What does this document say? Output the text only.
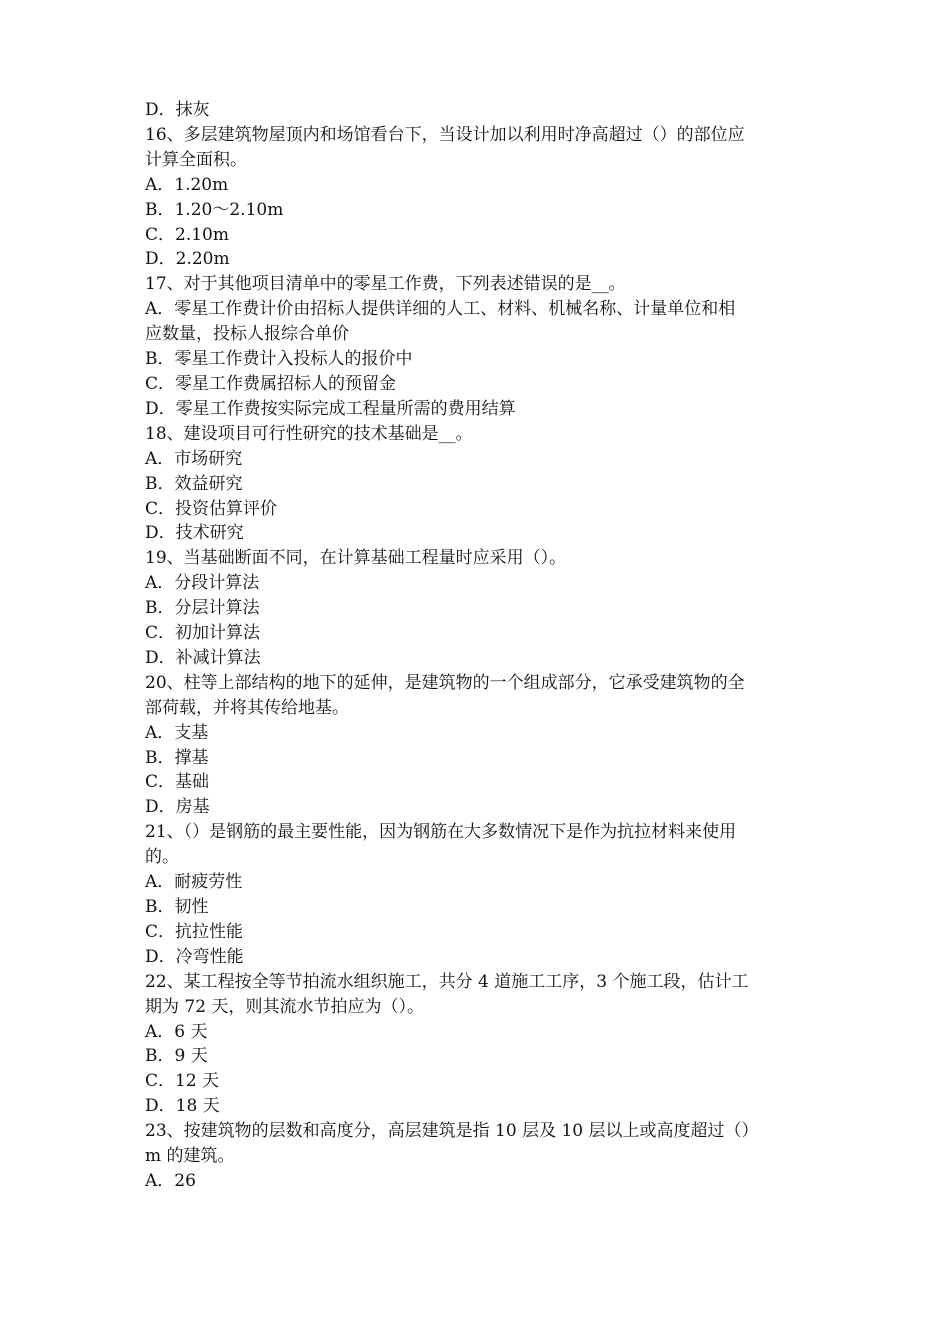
D．抹灰
16、多层建筑物屋顶内和场馆看台下，当设计加以利用时净高超过（）的部位应
计算全面积。
A．1.20m
B．1.20～2.10m
C．2.10m
D．2.20m
17、对于其他项目清单中的零星工作费，下列表述错误的是__。
A．零星工作费计价由招标人提供详细的人工、材料、机械名称、计量单位和相
应数量，投标人报综合单价
B．零星工作费计入投标人的报价中
C．零星工作费属招标人的预留金
D．零星工作费按实际完成工程量所需的费用结算
18、建设项目可行性研究的技术基础是__。
A．市场研究
B．效益研究
C．投资估算评价
D．技术研究
19、当基础断面不同，在计算基础工程量时应采用（）。
A．分段计算法
B．分层计算法
C．初加计算法
D．补减计算法
20、柱等上部结构的地下的延伸，是建筑物的一个组成部分，它承受建筑物的全
部荷载，并将其传给地基。
A．支基
B．撑基
C．基础
D．房基
21、（）是钢筋的最主要性能，因为钢筋在大多数情况下是作为抗拉材料来使用
的。
A．耐疲劳性
B．韧性
C．抗拉性能
D．冷弯性能
22、某工程按全等节拍流水组织施工，共分 4 道施工工序，3 个施工段，估计工
期为 72 天，则其流水节拍应为（）。
A．6 天
B．9 天
C．12 天
D．18 天
23、按建筑物的层数和高度分，高层建筑是指 10 层及 10 层以上或高度超过（）
m 的建筑。
A．26
